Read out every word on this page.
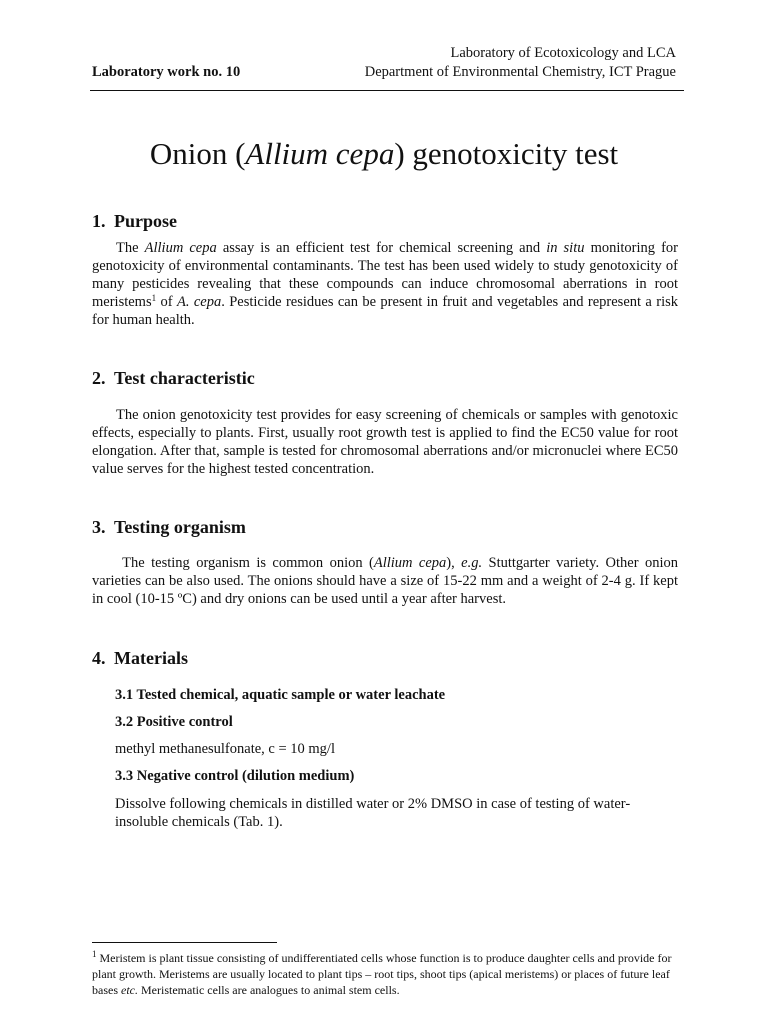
Laboratory of Ecotoxicology and LCA
Department of Environmental Chemistry, ICT Prague
Laboratory work no. 10
Onion (Allium cepa) genotoxicity test
1. Purpose
The Allium cepa assay is an efficient test for chemical screening and in situ monitoring for genotoxicity of environmental contaminants. The test has been used widely to study genotoxicity of many pesticides revealing that these compounds can induce chromosomal aberrations in root meristems$^1$ of A. cepa. Pesticide residues can be present in fruit and vegetables and represent a risk for human health.
2. Test characteristic
The onion genotoxicity test provides for easy screening of chemicals or samples with genotoxic effects, especially to plants. First, usually root growth test is applied to find the EC50 value for root elongation. After that, sample is tested for chromosomal aberrations and/or micronuclei where EC50 value serves for the highest tested concentration.
3. Testing organism
The testing organism is common onion (Allium cepa), e.g. Stuttgarter variety. Other onion varieties can be also used. The onions should have a size of 15-22 mm and a weight of 2-4 g. If kept in cool (10-15 ºC) and dry onions can be used until a year after harvest.
4. Materials
3.1 Tested chemical, aquatic sample or water leachate
3.2 Positive control
methyl methanesulfonate, c = 10 mg/l
3.3 Negative control (dilution medium)
Dissolve following chemicals in distilled water or 2% DMSO in case of testing of water-insoluble chemicals (Tab. 1).
$^1$ Meristem is plant tissue consisting of undifferentiated cells whose function is to produce daughter cells and provide for plant growth. Meristems are usually located to plant tips – root tips, shoot tips (apical meristems) or places of future leaf bases etc. Meristematic cells are analogues to animal stem cells.
